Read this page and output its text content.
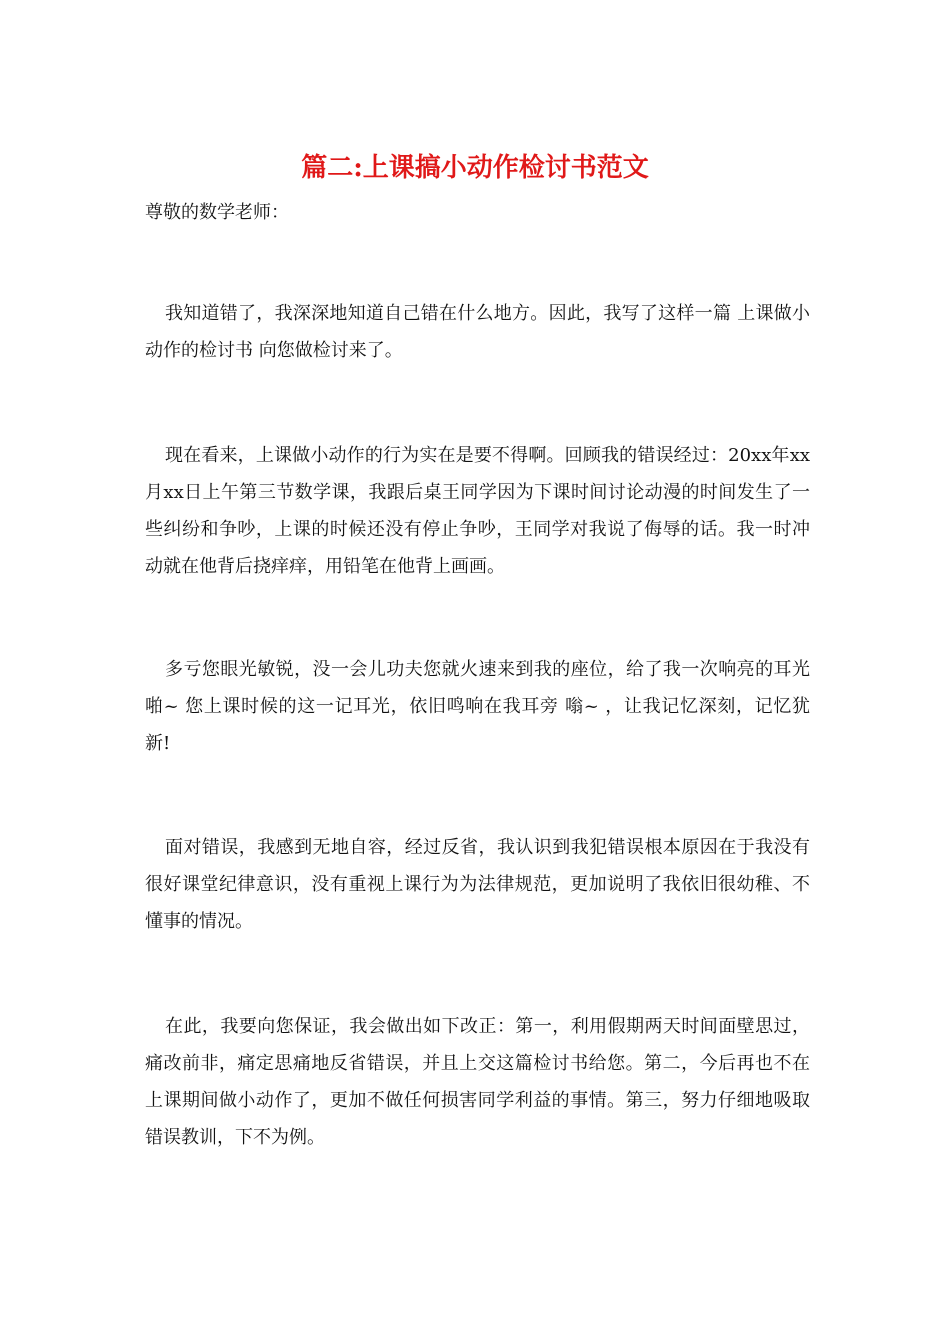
篇二:上课搞小动作检讨书范文
尊敬的数学老师：

我知道错了，我深深地知道自己错在什么地方。因此，我写了这样一篇 上课做小动作的检讨书 向您做检讨来了。

现在看来，上课做小动作的行为实在是要不得啊。回顾我的错误经过：20xx年xx月xx日上午第三节数学课，我跟后桌王同学因为下课时间讨论动漫的时间发生了一些纠纷和争吵，上课的时候还没有停止争吵，王同学对我说了侮辱的话。我一时冲动就在他背后挠痒痒，用铅笔在他背上画画。

多亏您眼光敏锐，没一会儿功夫您就火速来到我的座位，给了我一次响亮的耳光 啪~ 您上课时候的这一记耳光，依旧鸣响在我耳旁 嗡~ ，让我记忆深刻，记忆犹新!

面对错误，我感到无地自容，经过反省，我认识到我犯错误根本原因在于我没有很好课堂纪律意识，没有重视上课行为为法律规范，更加说明了我依旧很幼稚、不懂事的情况。

在此，我要向您保证，我会做出如下改正：第一，利用假期两天时间面壁思过，痛改前非，痛定思痛地反省错误，并且上交这篇检讨书给您。第二，今后再也不在上课期间做小动作了，更加不做任何损害同学利益的事情。第三，努力仔细地吸取错误教训，下不为例。
